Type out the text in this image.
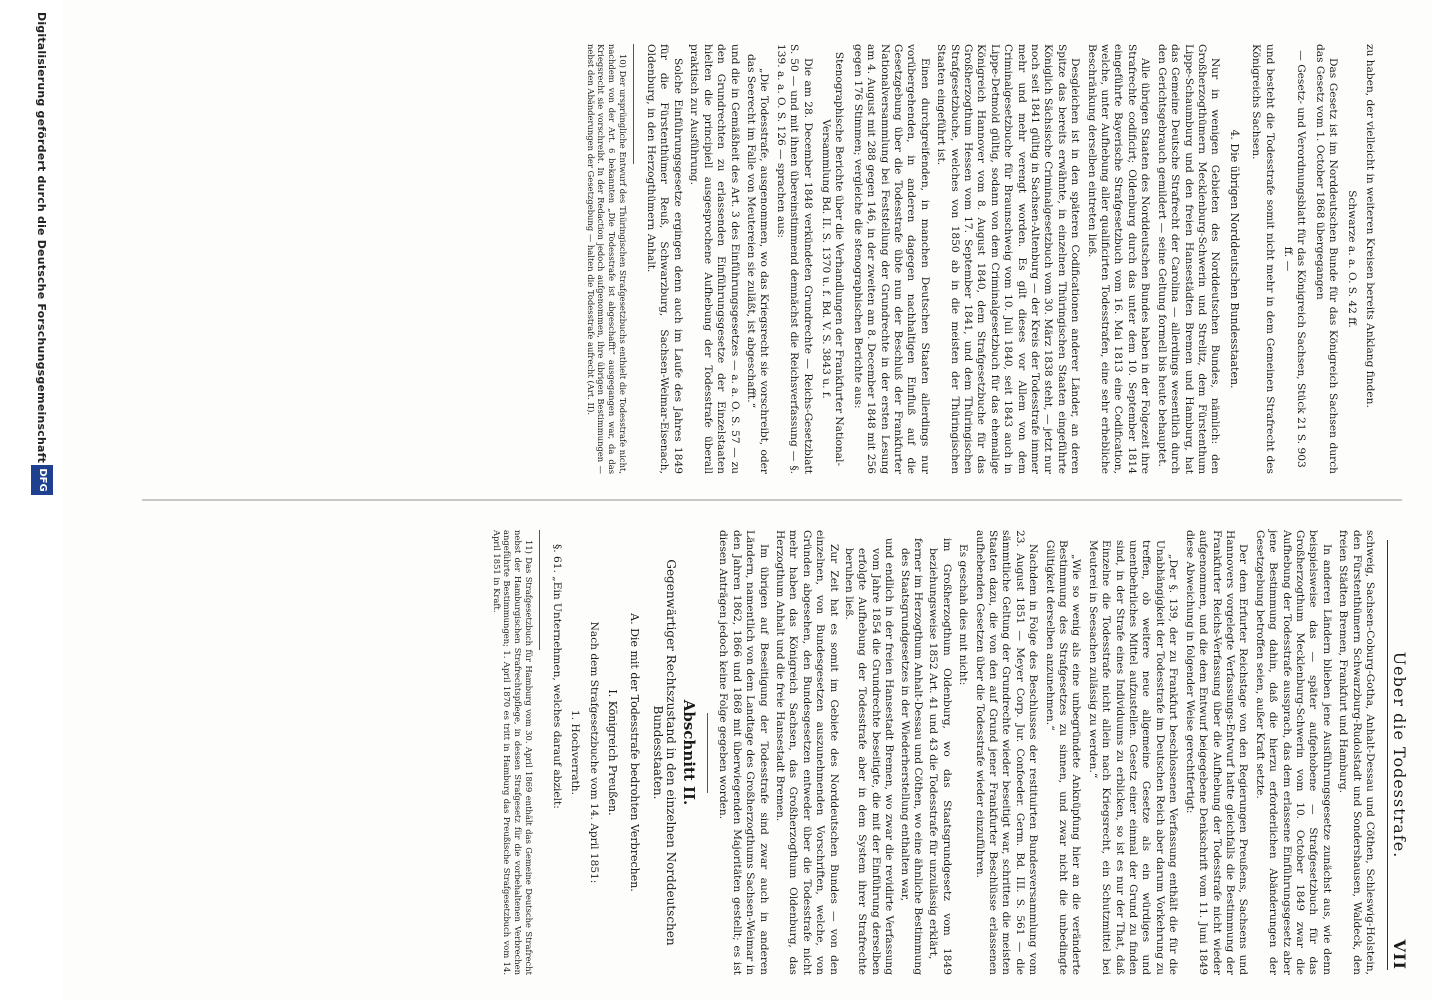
zu haben, der vielleicht in weiteren Kreisen bereits Anklang finden.

Schwarze a. a. O. S. 42 ff.

Das Gesetz ist im Norddeutschen Bunde für das Königreich Sachsen durch das Gesetz vom 1. October 1868 übergegangen

— Gesetz- und Verordnungsblatt für das Königreich Sachsen, Stück 21 S. 903 ff. —

und besteht die Todesstrafe somit nicht mehr in dem Gemeinen Strafrecht des Königreichs Sachsen.

4. Die übrigen Norddeutschen Bundesstaaten.

Nur in wenigen Gebieten des Norddeutschen Bundes, nämlich: den Großherzogthümern Mecklenburg-Schwerin und Strelitz, dem Fürstenthum Lippe-Schaumburg und den freien Hansestädten Bremen und Hamburg, hat das Gemeine Deutsche Strafrecht der Carolina — allerdings wesentlich durch den Gerichtsgebrauch gemildert — seine Geltung formell bis heute behauptet.

Alle übrigen Staaten des Norddeutschen Bundes haben in der Folgezeit ihre Strafrechte codificirt; Oldenburg durch das unter dem 10. September 1814 eingeführte Bayerische Strafgesetzbuch vom 16. Mai 1813 eine Codification, welche, unter Aufhebung aller qualificirten Todesstrafen, eine sehr erhebliche Beschränkung derselben eintreten ließ.

Desgleichen ist in den späteren Codificationen anderer Länder, an deren Spitze das bereits erwähnte, in einzelnen Thüringischen Staaten eingeführte Königlich Sächsische Criminalgesetzbuch vom 30. März 1838 steht, — jetzt nur noch seit 1841 gültig in Sachsen-Altenburg — der Kreis der Todesstrafe immer mehr und mehr verengt worden. Es gilt dieses vor Allem von dem Criminalgesetzbuche für Braunschweig vom 10. Juli 1840, seit 1843 auch in Lippe-Detmold gültig, sodann von dem Criminalgesetzbuch für das ehemalige Königreich Hannover vom 8. August 1840, dem Strafgesetzbuche für das Großherzogthum Hessen vom 17. September 1841, und dem Thüringischen Strafgesetzbuche, welches von 1850 ab in die meisten der Thüringischen Staaten eingeführt ist.

Einen durchgreifenden, in manchen Deutschen Staaten allerdings nur vorübergehenden, in anderen dagegen nachhaltigen Einfluß auf die Gesetzgebung über die Todesstrafe übte nun der Beschluß der Frankfurter Nationalversammlung bei Feststellung der Grundrechte in der ersten Lesung am 4. August mit 288 gegen 146, in der zweiten am 8. December 1848 mit 256 gegen 176 Stimmen; vergleiche die stenographischen Berichte aus:

Stenographische Berichte über die Verhandlungen der Frankfurter National-Versammlung Bd. II. S. 1370 u. f. Bd. V. S. 3843 u. f.

Die am 28. December 1848 verkündeten Grundrechte — Reichs-Gesetzblatt S. 50 — und mit ihnen übereinstimmend demnächst die Reichsverfassung — §. 139. a. a. O. S. 126 — sprachen aus:

„Die Todesstrafe, ausgenommen, wo das Kriegsrecht sie vorschreibt, oder das Seerecht im Falle von Meutereien sie zuläßt, ist abgeschafft.“

und die in Gemäßheit des Art. 3 des Einführungsgesetzes — a. a. O. S. 57 — zu den Grundrechten zu erlassenden Einführungsgesetze der Einzelstaaten hielten die principiell ausgesprochene Aufhebung der Todesstrafe überall praktisch zur Ausführung.

Solche Einführungsgesetze ergingen denn auch im Laufe des Jahres 1849 für die Fürstenthümer Reuß, Schwarzburg, Sachsen-Weimar-Eisenach, Oldenburg, in den Herzogthümern Anhalt.

10) Der ursprüngliche Entwurf des Thüringischen Strafgesetzbuchs enthielt die Todesstrafe nicht, nachdem von der Art. 6 bekannten „Die Todesstrafe ist abgeschafft“ ausgegangen war, da das Kriegsrecht sie vorschreibt. In der Redaction jedoch aufgenommen, ihre übrigen Bestimmungen — nebst den Abänderungen der Gesetzgebung — halten die Todesstrafe aufrecht (Art. II).

Ueber die Todesstrafe.
VII

schweig, Sachsen-Coburg-Gotha, Anhalt-Dessau und Cöthen, Schleswig-Holstein, den Fürstenthümern Schwarzburg-Rudolstadt und Sondershausen, Waldeck, den freien Städten Bremen, Frankfurt und Hamburg.

In anderen Ländern blieben jene Ausführungsgesetze zunächst aus, wie denn beispielsweise das — später aufgehobene — Strafgesetzbuch für das Großherzogthum Mecklenburg-Schwerin vom 10. October 1849 zwar die Aufhebung der Todesstrafe aussprach, das dem erlassene Einführungsgesetz aber jene Bestimmung dahin, daß die hierzu erforderlichen Abänderungen der Gesetzgebung betroffen seien, außer Kraft setzte.

Der dem Erfurter Reichstage von den Regierungen Preußens, Sachsens und Hannovers vorgelegte Verfassungs-Entwurf hatte gleichfalls die Bestimmung der Frankfurter Reichs-Verfassung über die Aufhebung der Todesstrafe nicht wieder aufgenommen, und die dem Entwurf beigegebene Denkschrift vom 11. Juni 1849 diese Abweichung in folgender Weise gerechtfertigt:

„Der §. 139, der zu Frankfurt beschlossenen Verfassung enthält die für die Unabhängigkeit der Todesstrafe im Deutschen Reich aber darum Vorkehrung zu treffen, ob weitere neue allgemeine Gesetze als ein würdiges und unentbehrliches Mittel aufzustellen. Gesetz einer einmal der Grund zu finden sind, in der Strafe eines Individuums zu erblicken, so ist es nur der That, daß Einzelne die Todesstrafe nicht allein nach Kriegsrecht, ein Schutzmittel bei Meuterei in Seesachen zulässig zu werden.“

„Wie so wenig als eine unbegründete Anknüpfung hier an die veränderte Bestimmung des Strafgesetzes zu sinnen, und zwar nicht die unbedingte Gültigkeit derselben anzunehmen.“

Nachdem in Folge des Beschlusses der restituirten Bundesversammlung vom 23. August 1851 — Meyer Corp. Jur. Confoeder. Germ. Bd. III. S. 561 — die sämmtliche Geltung der Grundrechte wieder beseitigt war, schritten die meisten Staaten dazu, die von den auf Grund jener Frankfurter Beschlüsse erlassenen aufhebenden Gesetzen über die Todesstrafe wieder einzuführen.

Es geschah dies mit nicht:

im Großherzogthum Oldenburg, wo das Staatsgrundgesetz vom 1849 beziehungsweise 1852 Art. 41 und 43 die Todesstrafe für unzulässig erklärt,

ferner im Herzogthum Anhalt-Dessau und Cöthen, wo eine ähnliche Bestimmung des Staatsgrundgesetzes in der Wiederherstellung enthalten war,

und endlich in der freien Hansestadt Bremen, wo zwar die revidirte Verfassung vom Jahre 1854 die Grundrechte beseitigte, die mit der Einführung derselben erfolgte Aufhebung der Todesstrafe aber in dem System ihrer Strafrechte beruhen ließ.

Zur Zeit hat es somit im Gebiete des Norddeutschen Bundes — von den einzelnen, von Bundesgesetzen auszunehmenden Vorschriften, welche, von Gründen abgesehen, den Bundesgesetzen entweder über die Todesstrafe nicht mehr haben das Königreich Sachsen, das Großherzogthum Oldenburg, das Herzogthum Anhalt und die freie Hansestadt Bremen.

Im übrigen auf Beseitigung der Todesstrafe sind zwar auch in anderen Ländern, namentlich von dem Landtage des Großherzogthums Sachsen-Weimar in den Jahren 1862, 1866 und 1868 mit überwiegenden Majoritäten gestellt; es ist diesen Anträgen jedoch keine Folge gegeben worden.

Abschnitt II.

Gegenwärtiger Rechtszustand in den einzelnen Norddeutschen Bundesstaaten.

A. Die mit der Todesstrafe bedrohten Verbrechen.

I. Königreich Preußen.

Nach dem Strafgesetzbuche vom 14. April 1851:

1. Hochverrath.

§. 61. „Ein Unternehmen, welches darauf abzielt:

11) Das Strafgesetzbuch für Hamburg vom 30. April 1869 enthält das Gemeine Deutsche Strafrecht nebst der Hamburgischen Strafrechtspflege, in dessen Strafgesetz für die vorbehaltenen Verbrechen angeführte Bestimmungen; 1. April 1870 es tritt in Hamburg das Preußische Strafgesetzbuch vom 14. April 1851 in Kraft.

Digitalisierung gefördert durch die Deutsche Forschungsgemeinschaft
DFG
